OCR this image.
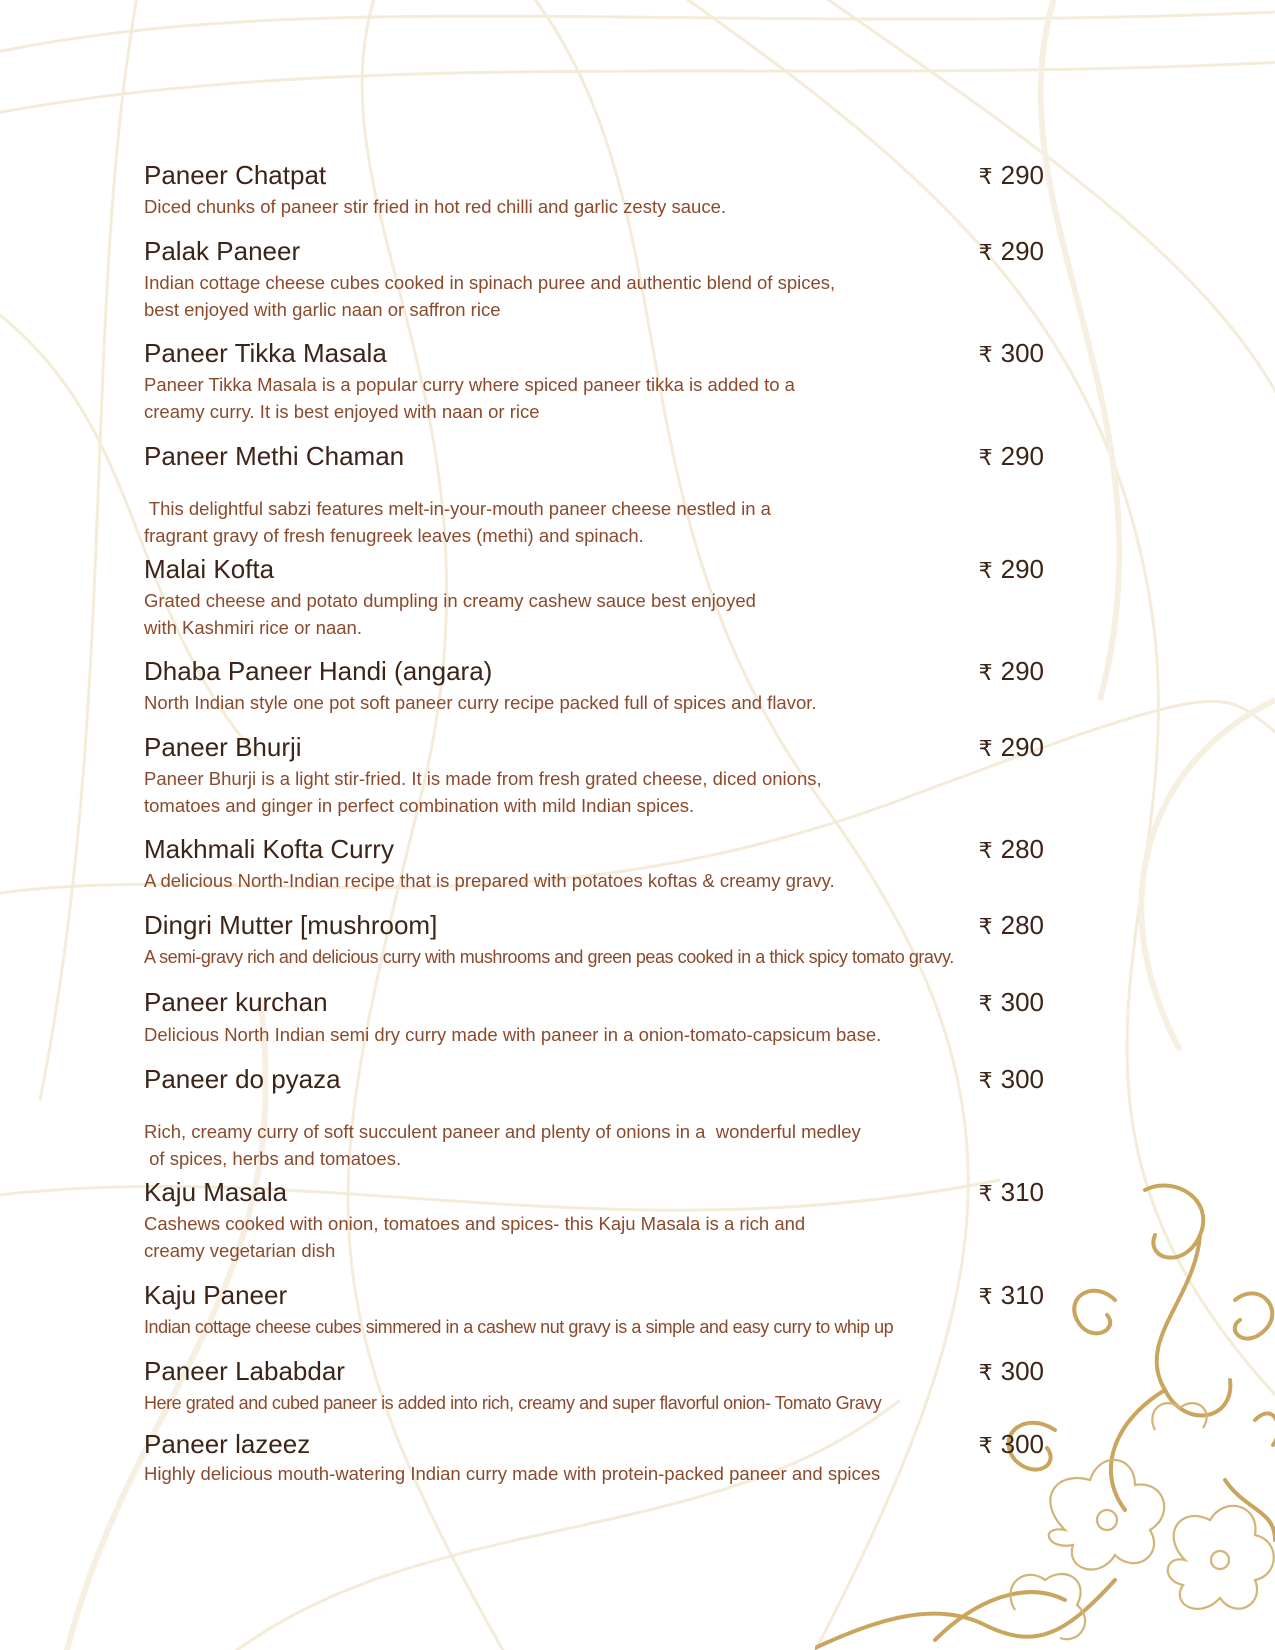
Paneer Chatpat	₹ 290
Diced chunks of paneer stir fried in hot red chilli and garlic zesty sauce.
Palak Paneer	₹ 290
Indian cottage cheese cubes cooked in spinach puree and authentic blend of spices,
best enjoyed with garlic naan or saffron rice
Paneer Tikka Masala	₹ 300
Paneer Tikka Masala is a popular curry where spiced paneer tikka is added to a
creamy curry. It is best enjoyed with naan or rice
Paneer Methi Chaman	₹ 290
This delightful sabzi features melt-in-your-mouth paneer cheese nestled in a
fragrant gravy of fresh fenugreek leaves (methi) and spinach.
Malai Kofta	₹ 290
Grated cheese and potato dumpling in creamy cashew sauce best enjoyed
with Kashmiri rice or naan.
Dhaba Paneer Handi (angara)	₹ 290
North Indian style one pot soft paneer curry recipe packed full of spices and flavor.
Paneer Bhurji	₹ 290
Paneer Bhurji is a light stir-fried. It is made from fresh grated cheese, diced onions,
tomatoes and ginger in perfect combination with mild Indian spices.
Makhmali Kofta Curry	₹ 280
A delicious North-Indian recipe that is prepared with potatoes koftas & creamy gravy.
Dingri Mutter [mushroom]	₹ 280
A semi-gravy rich and delicious curry with mushrooms and green peas cooked in a thick spicy tomato gravy.
Paneer kurchan	₹ 300
Delicious North Indian semi dry curry made with paneer in a onion-tomato-capsicum base.
Paneer do pyaza	₹ 300
Rich, creamy curry of soft succulent paneer and plenty of onions in a  wonderful medley
of spices, herbs and tomatoes.
Kaju Masala	₹ 310
Cashews cooked with onion, tomatoes and spices- this Kaju Masala is a rich and
creamy vegetarian dish
Kaju Paneer	₹ 310
Indian cottage cheese cubes simmered in a cashew nut gravy is a simple and easy curry to whip up
Paneer Lababdar	₹ 300
Here grated and cubed paneer is added into rich, creamy and super flavorful onion- Tomato Gravy
Paneer lazeez	₹ 300
Highly delicious mouth-watering Indian curry made with protein-packed paneer and spices
